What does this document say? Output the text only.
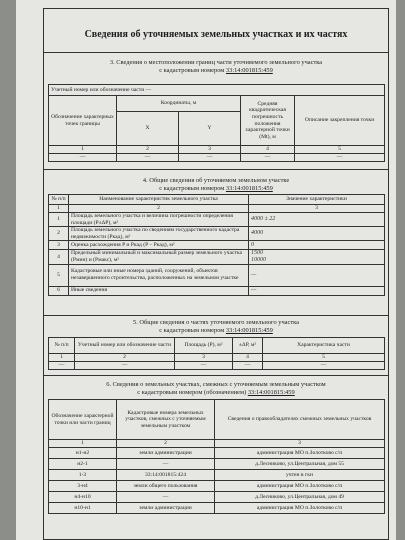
Сведения об уточняемых земельных участках и их частях
3. Сведения о местоположении границ части уточняемого земельного участка
с кадастровым номером 33:14:001815:459
Учетный номер или обозначение части —				
Обозначение характерных точек границы	Координаты, м		Средняя квадратическая погрешность положения характерной точки (Mt), м	Описание закрепления точки
	X	Y		
1	2	3	4	5
—	—	—	—	—
4. Общие сведения об уточняемом земельном участке
с кадастровым номером 33:14:001815:459
№ п/п	Наименование характеристик земельного участка	Значение характеристики
1	2	3
1	Площадь земельного участка и величина погрешности определения площади (P±ΔP), м²	4000 ± 22
2	Площадь земельного участка по сведениям государственного кадастра недвижимости (Ркад), м²	4000
3	Оценка расхождения P и Ркад (P – Ркад), м²	0
4	Предельный минимальный и максимальный размер земельного участка (Pмин) и (Рмакс), м²	1500
10000
5	Кадастровые или иные номера зданий, сооружений, объектов незавершенного строительства, расположенных на земельном участке	—
6	Иные сведения	—
5. Общие сведения о частях уточняемого земельного участка
с кадастровым номером 33:14:001815:459
№ п/п	Учетный номер или обозначение части	Площадь (P), м²	±ΔP, м²	Характеристика части
1	2	3	4	5
—	—	—	—	—
6. Сведения о земельных участках, смежных с уточняемым земельным участком
с кадастровым номером (обозначением) 33:14:001815:459
Обозначение характерной точки или части границ	Кадастровые номера земельных участков, смежных с уточняемым земельным участком	Сведения о правообладателях смежных земельных участков
1	2	3
н1-н2	земли администрации	администрация МО п.Золотково с/п
н2-1	—	д.Лесниково, ул.Центральная, дом 55
1-3	33:14:001815:424	учтен в гкн
3-н4	земли общего пользования	администрация МО п.Золотково с/п
н4-н10	—	д.Лесниково, ул.Центральная, дом 49
н10-н1	земли администрации	администрация МО п.Золотково с/п
